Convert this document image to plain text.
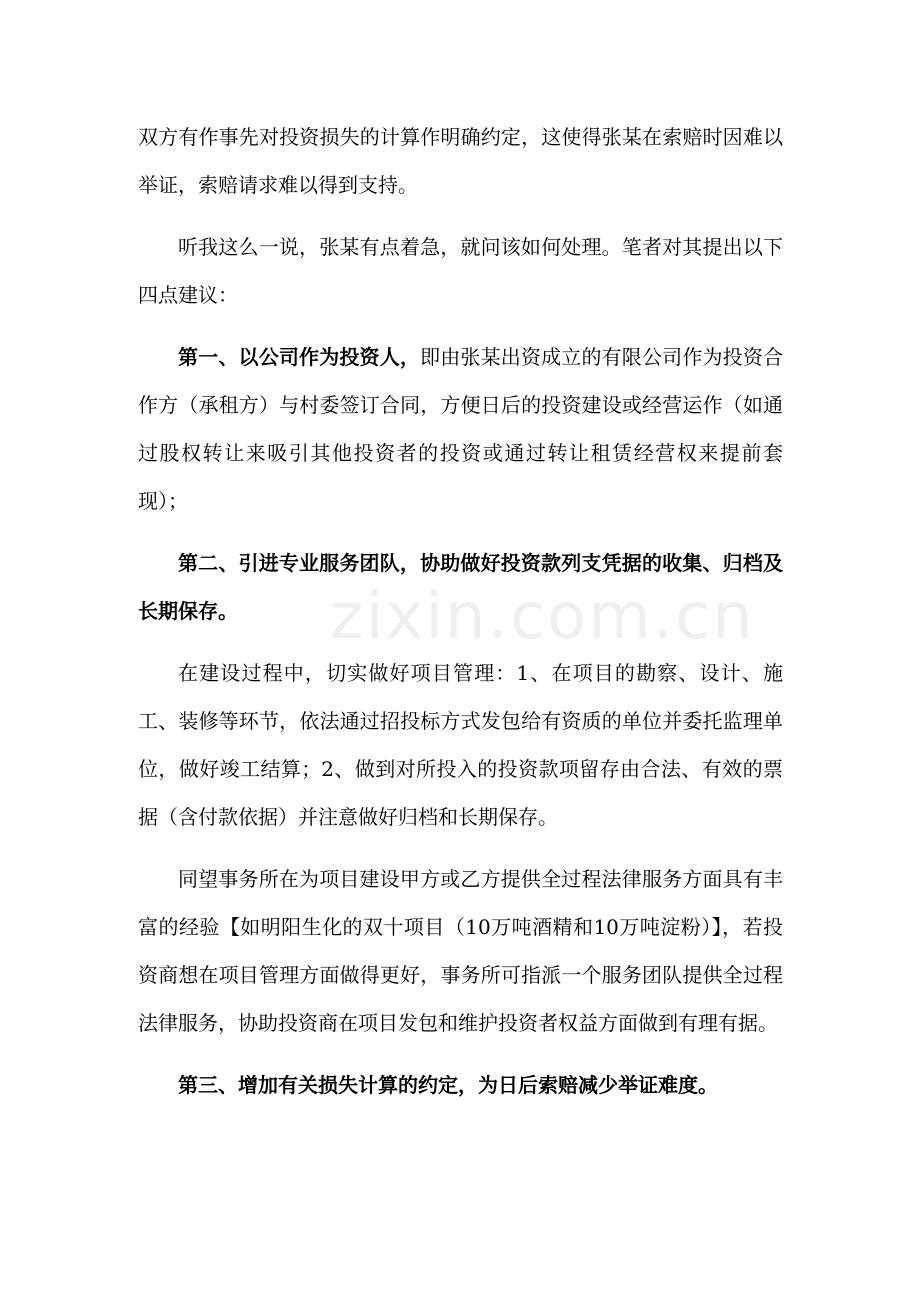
zixin.com.cn

双方有作事先对投资损失的计算作明确约定，这使得张某在索赔时因难以举证，索赔请求难以得到支持。

听我这么一说，张某有点着急，就问该如何处理。笔者对其提出以下四点建议：

第一、以公司作为投资人，即由张某出资成立的有限公司作为投资合作方（承租方）与村委签订合同，方便日后的投资建设或经营运作（如通过股权转让来吸引其他投资者的投资或通过转让租赁经营权来提前套现）；

第二、引进专业服务团队，协助做好投资款列支凭据的收集、归档及长期保存。

在建设过程中，切实做好项目管理：1、在项目的勘察、设计、施工、装修等环节，依法通过招投标方式发包给有资质的单位并委托监理单位，做好竣工结算；2、做到对所投入的投资款项留存由合法、有效的票据（含付款依据）并注意做好归档和长期保存。

同望事务所在为项目建设甲方或乙方提供全过程法律服务方面具有丰富的经验【如明阳生化的双十项目（10万吨酒精和10万吨淀粉）】，若投资商想在项目管理方面做得更好，事务所可指派一个服务团队提供全过程法律服务，协助投资商在项目发包和维护投资者权益方面做到有理有据。

第三、增加有关损失计算的约定，为日后索赔减少举证难度。
